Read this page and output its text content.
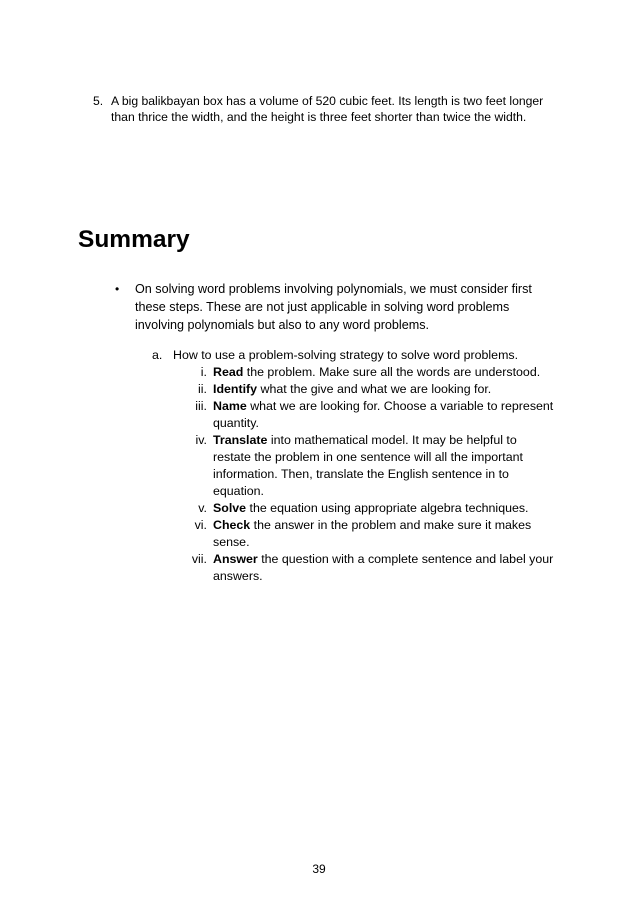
5. A big balikbayan box has a volume of 520 cubic feet. Its length is two feet longer than thrice the width, and the height is three feet shorter than twice the width.
Summary
• On solving word problems involving polynomials, we must consider first these steps. These are not just applicable in solving word problems involving polynomials but also to any word problems.
a. How to use a problem-solving strategy to solve word problems.
i. Read the problem. Make sure all the words are understood.
ii. Identify what the give and what we are looking for.
iii. Name what we are looking for. Choose a variable to represent quantity.
iv. Translate into mathematical model. It may be helpful to restate the problem in one sentence will all the important information. Then, translate the English sentence in to equation.
v. Solve the equation using appropriate algebra techniques.
vi. Check the answer in the problem and make sure it makes sense.
vii. Answer the question with a complete sentence and label your answers.
39
